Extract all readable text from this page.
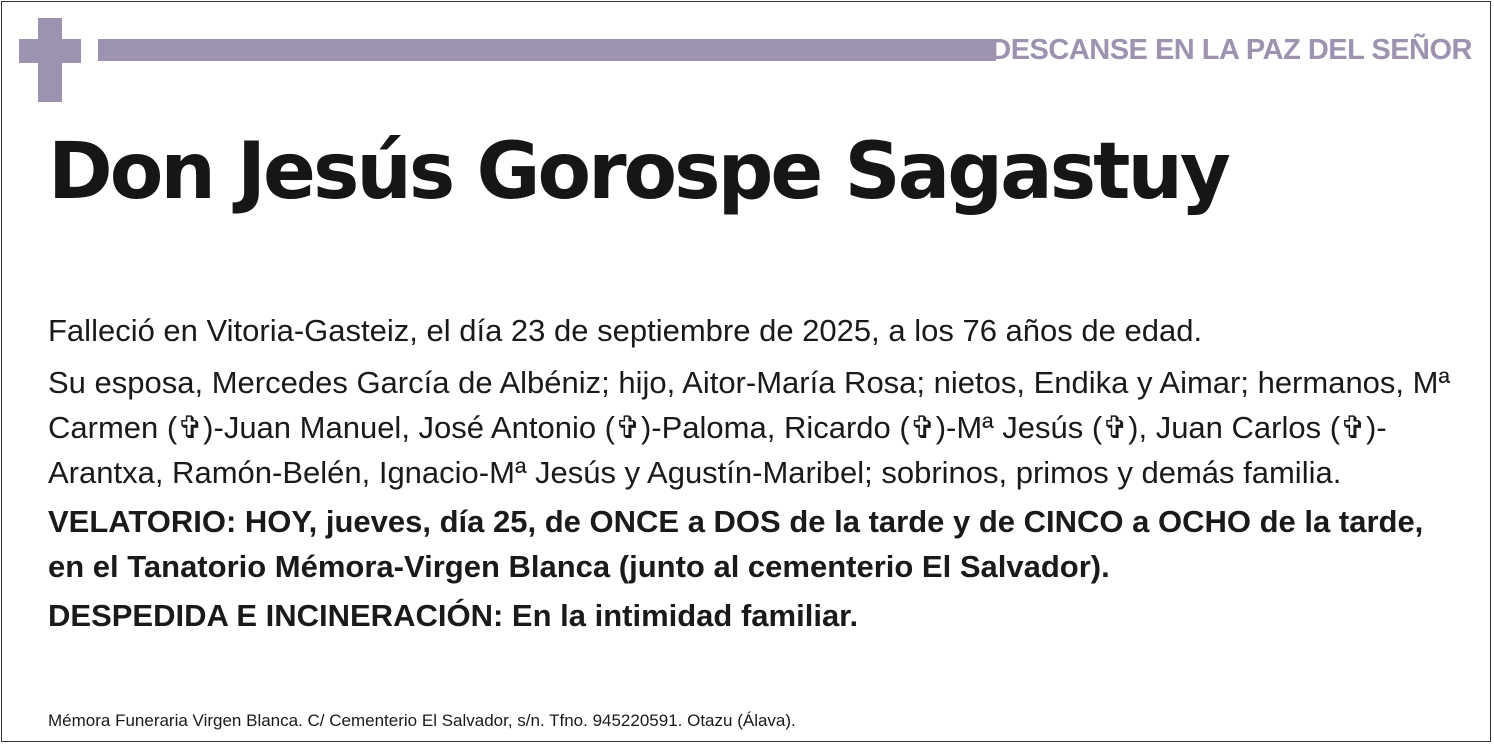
DESCANSE EN LA PAZ DEL SEÑOR
Don Jesús Gorospe Sagastuy

Falleció en Vitoria-Gasteiz, el día 23 de septiembre de 2025, a los 76 años de edad.

Su esposa, Mercedes García de Albéniz; hijo, Aitor-María Rosa; nietos, Endika y Aimar; hermanos, Mª Carmen (✞)-Juan Manuel, José Antonio (✞)-Paloma, Ricardo (✞)-Mª Jesús (✞), Juan Carlos (✞)-Arantxa, Ramón-Belén, Ignacio-Mª Jesús y Agustín-Maribel; sobrinos, primos y demás familia.

VELATORIO: HOY, jueves, día 25, de ONCE a DOS de la tarde y de CINCO a OCHO de la tarde, en el Tanatorio Mémora-Virgen Blanca (junto al cementerio El Salvador).

DESPEDIDA E INCINERACIÓN: En la intimidad familiar.

Mémora Funeraria Virgen Blanca. C/ Cementerio El Salvador, s/n. Tfno. 945220591. Otazu (Álava).
